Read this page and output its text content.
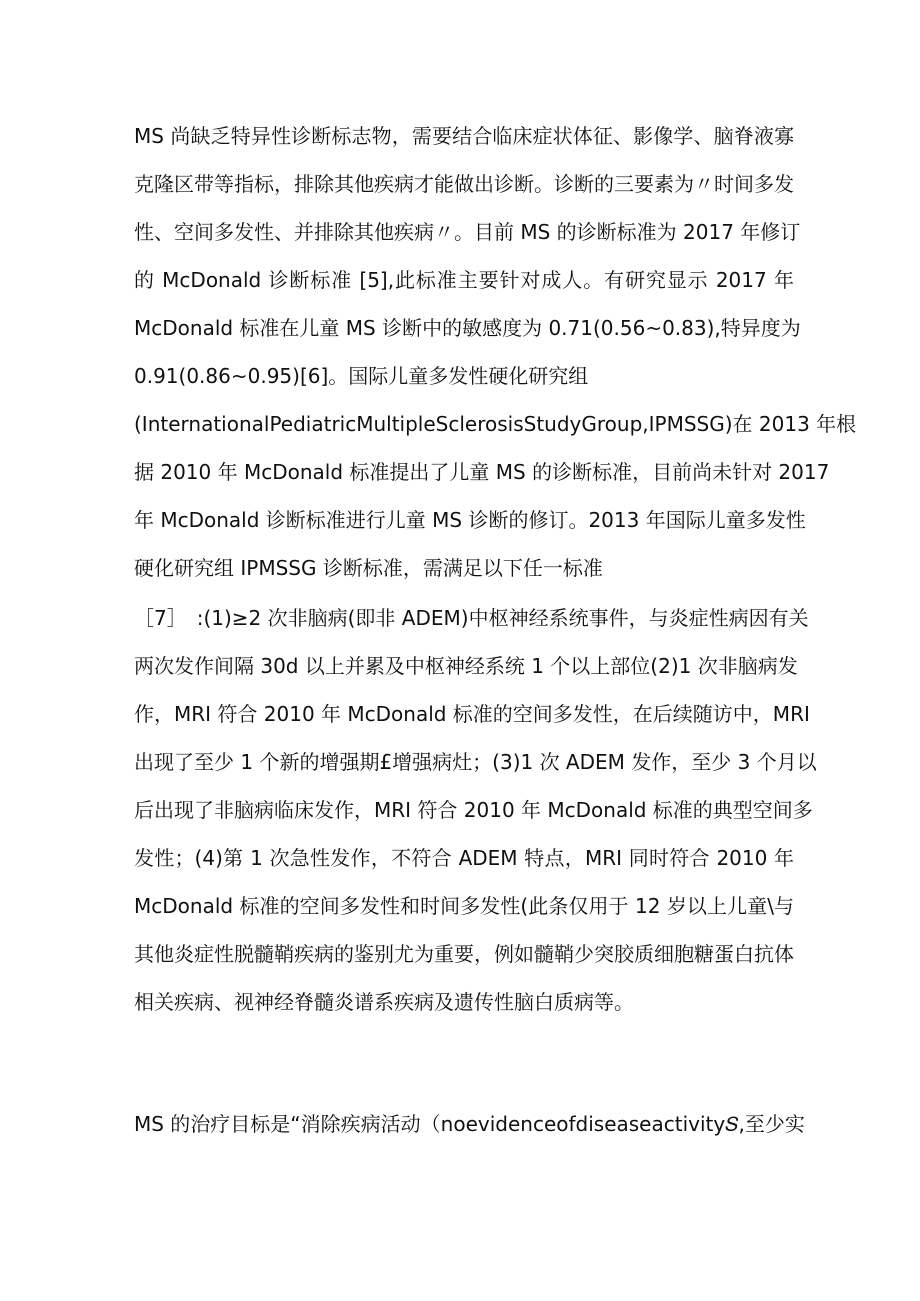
MS 尚缺乏特异性诊断标志物，需要结合临床症状体征、影像学、脑脊液寡
克隆区带等指标，排除其他疾病才能做出诊断。诊断的三要素为〃时间多发
性、空间多发性、并排除其他疾病〃。目前 MS 的诊断标准为 2017 年修订
的 McDonald 诊断标准 [5],此标准主要针对成人。有研究显示 2017 年
McDonald 标准在儿童 MS 诊断中的敏感度为 0.71(0.56~0.83),特异度为
0.91(0.86~0.95)[6]。国际儿童多发性硬化研究组
(InternationalPediatricMultipleSclerosisStudyGroup,IPMSSG)在 2013 年根
据 2010 年 McDonald 标准提出了儿童 MS 的诊断标准，目前尚未针对 2017
年 McDonald 诊断标准进行儿童 MS 诊断的修订。2013 年国际儿童多发性
硬化研究组 IPMSSG 诊断标准，需满足以下任一标准
［7］　:(1)≥2 次非脑病(即非 ADEM)中枢神经系统事件，与炎症性病因有关
两次发作间隔 30d 以上并累及中枢神经系统 1 个以上部位(2)1 次非脑病发
作，MRI 符合 2010 年 McDonald 标准的空间多发性，在后续随访中，MRI
出现了至少 1 个新的增强期£增强病灶；(3)1 次 ADEM 发作，至少 3 个月以
后出现了非脑病临床发作，MRI 符合 2010 年 McDonald 标准的典型空间多
发性；(4)第 1 次急性发作，不符合 ADEM 特点，MRI 同时符合 2010 年
McDonald 标准的空间多发性和时间多发性(此条仅用于 12 岁以上儿童\与
其他炎症性脱髓鞘疾病的鉴别尤为重要，例如髓鞘少突胶质细胞糖蛋白抗体
相关疾病、视神经脊髓炎谱系疾病及遗传性脑白质病等。
MS 的治疗目标是“消除疾病活动（noevidenceofdiseaseactivity𝑆,至少实
